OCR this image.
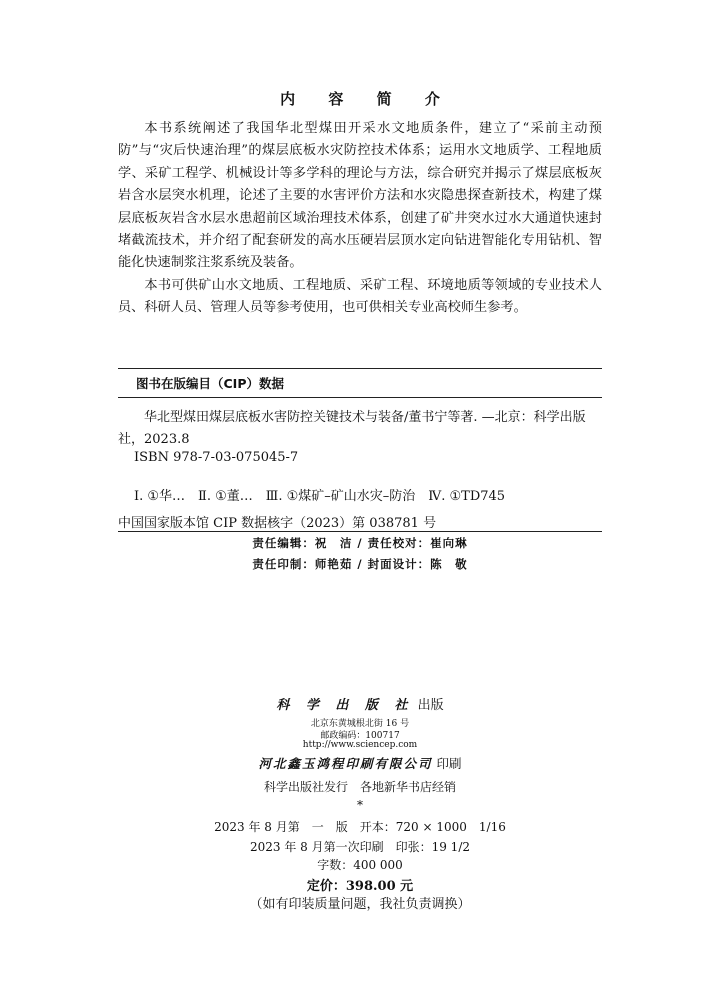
内 容 简 介

本书系统阐述了我国华北型煤田开采水文地质条件，建立了“采前主动预防”与“灾后快速治理”的煤层底板水灾防控技术体系；运用水文地质学、工程地质学、采矿工程学、机械设计等多学科的理论与方法，综合研究并揭示了煤层底板灰岩含水层突水机理，论述了主要的水害评价方法和水灾隐患探查新技术，构建了煤层底板灰岩含水层水患超前区域治理技术体系，创建了矿井突水过水大通道快速封堵截流技术，并介绍了配套研发的高水压硬岩层顶水定向钻进智能化专用钻机、智能化快速制浆注浆系统及装备。

本书可供矿山水文地质、工程地质、采矿工程、环境地质等领域的专业技术人员、科研人员、管理人员等参考使用，也可供相关专业高校师生参考。

图书在版编目（CIP）数据
华北型煤田煤层底板水害防控关键技术与装备/董书宁等著. —北京：科学出版社，2023.8
ISBN 978-7-03-075045-7
Ⅰ. ①华…　Ⅱ. ①董…　Ⅲ. ①煤矿–矿山水灾–防治　Ⅳ. ①TD745
中国国家版本馆 CIP 数据核字（2023）第 038781 号
责任编辑：祝　洁 / 责任校对：崔向琳
责任印制：师艳茹 / 封面设计：陈　敬
科 学 出 版 社 出版
北京东黄城根北街 16 号
邮政编码：100717
http://www.sciencep.com
河北鑫玉鸿程印刷有限公司 印刷
科学出版社发行　各地新华书店经销
*
2023 年 8 月第　一　版　开本：720 × 1000　1/16
2023 年 8 月第一次印刷　印张：19 1/2
字数：400 000
定价：398.00 元
（如有印装质量问题，我社负责调换）
